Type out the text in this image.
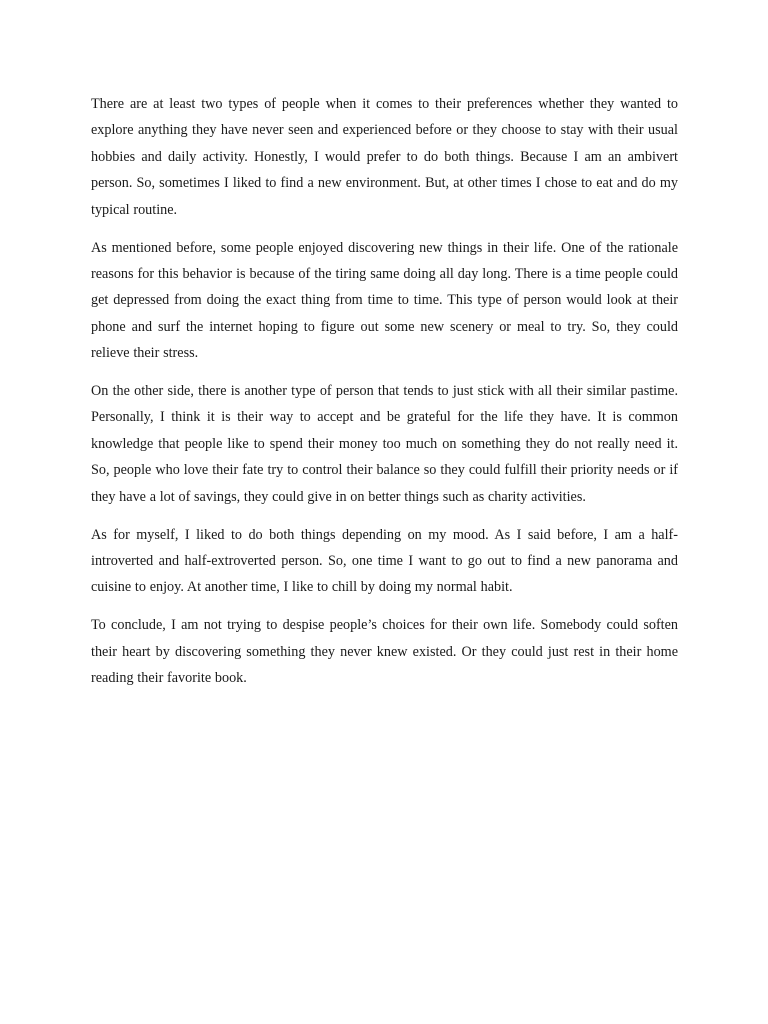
There are at least two types of people when it comes to their preferences whether they wanted to explore anything they have never seen and experienced before or they choose to stay with their usual hobbies and daily activity. Honestly, I would prefer to do both things. Because I am an ambivert person. So, sometimes I liked to find a new environment. But, at other times I chose to eat and do my typical routine.

As mentioned before, some people enjoyed discovering new things in their life. One of the rationale reasons for this behavior is because of the tiring same doing all day long. There is a time people could get depressed from doing the exact thing from time to time. This type of person would look at their phone and surf the internet hoping to figure out some new scenery or meal to try. So, they could relieve their stress.

On the other side, there is another type of person that tends to just stick with all their similar pastime. Personally, I think it is their way to accept and be grateful for the life they have. It is common knowledge that people like to spend their money too much on something they do not really need it. So, people who love their fate try to control their balance so they could fulfill their priority needs or if they have a lot of savings, they could give in on better things such as charity activities.

As for myself, I liked to do both things depending on my mood. As I said before, I am a half-introverted and half-extroverted person. So, one time I want to go out to find a new panorama and cuisine to enjoy. At another time, I like to chill by doing my normal habit.

To conclude, I am not trying to despise people’s choices for their own life. Somebody could soften their heart by discovering something they never knew existed. Or they could just rest in their home reading their favorite book.
